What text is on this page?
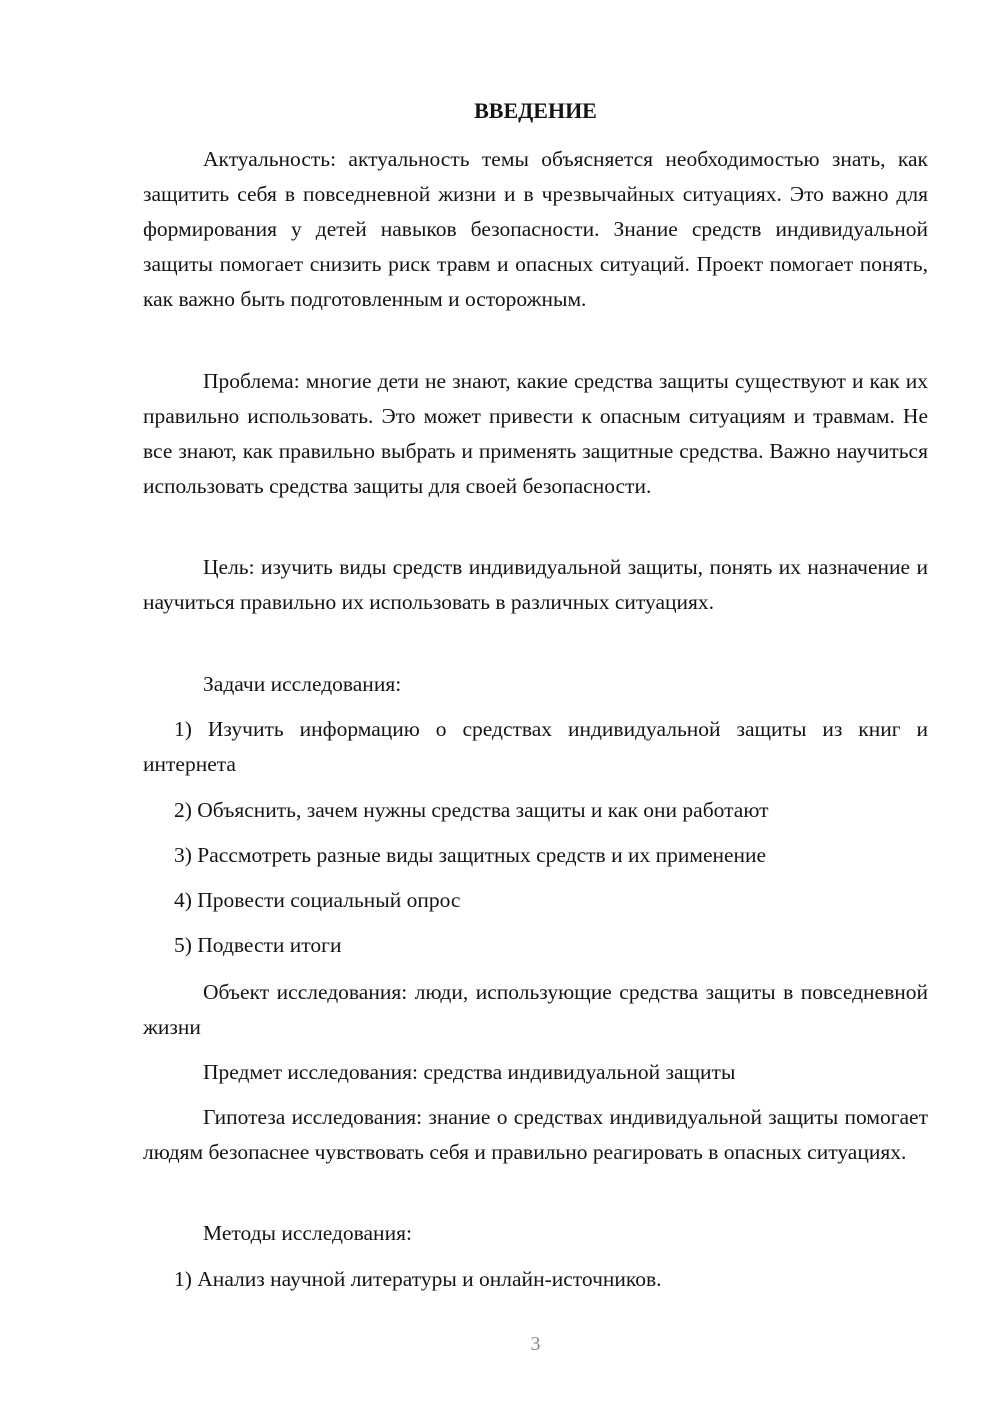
ВВЕДЕНИЕ
Актуальность: актуальность темы объясняется необходимостью знать, как защитить себя в повседневной жизни и в чрезвычайных ситуациях. Это важно для формирования у детей навыков безопасности. Знание средств индивидуальной защиты помогает снизить риск травм и опасных ситуаций. Проект помогает понять, как важно быть подготовленным и осторожным.
Проблема: многие дети не знают, какие средства защиты существуют и как их правильно использовать. Это может привести к опасным ситуациям и травмам. Не все знают, как правильно выбрать и применять защитные средства. Важно научиться использовать средства защиты для своей безопасности.
Цель: изучить виды средств индивидуальной защиты, понять их назначение и научиться правильно их использовать в различных ситуациях.
Задачи исследования:
1) Изучить информацию о средствах индивидуальной защиты из книг и интернета
2) Объяснить, зачем нужны средства защиты и как они работают
3) Рассмотреть разные виды защитных средств и их применение
4) Провести социальный опрос
5) Подвести итоги
Объект исследования: люди, использующие средства защиты в повседневной жизни
Предмет исследования: средства индивидуальной защиты
Гипотеза исследования: знание о средствах индивидуальной защиты помогает людям безопаснее чувствовать себя и правильно реагировать в опасных ситуациях.
Методы исследования:
1) Анализ научной литературы и онлайн-источников.
3
